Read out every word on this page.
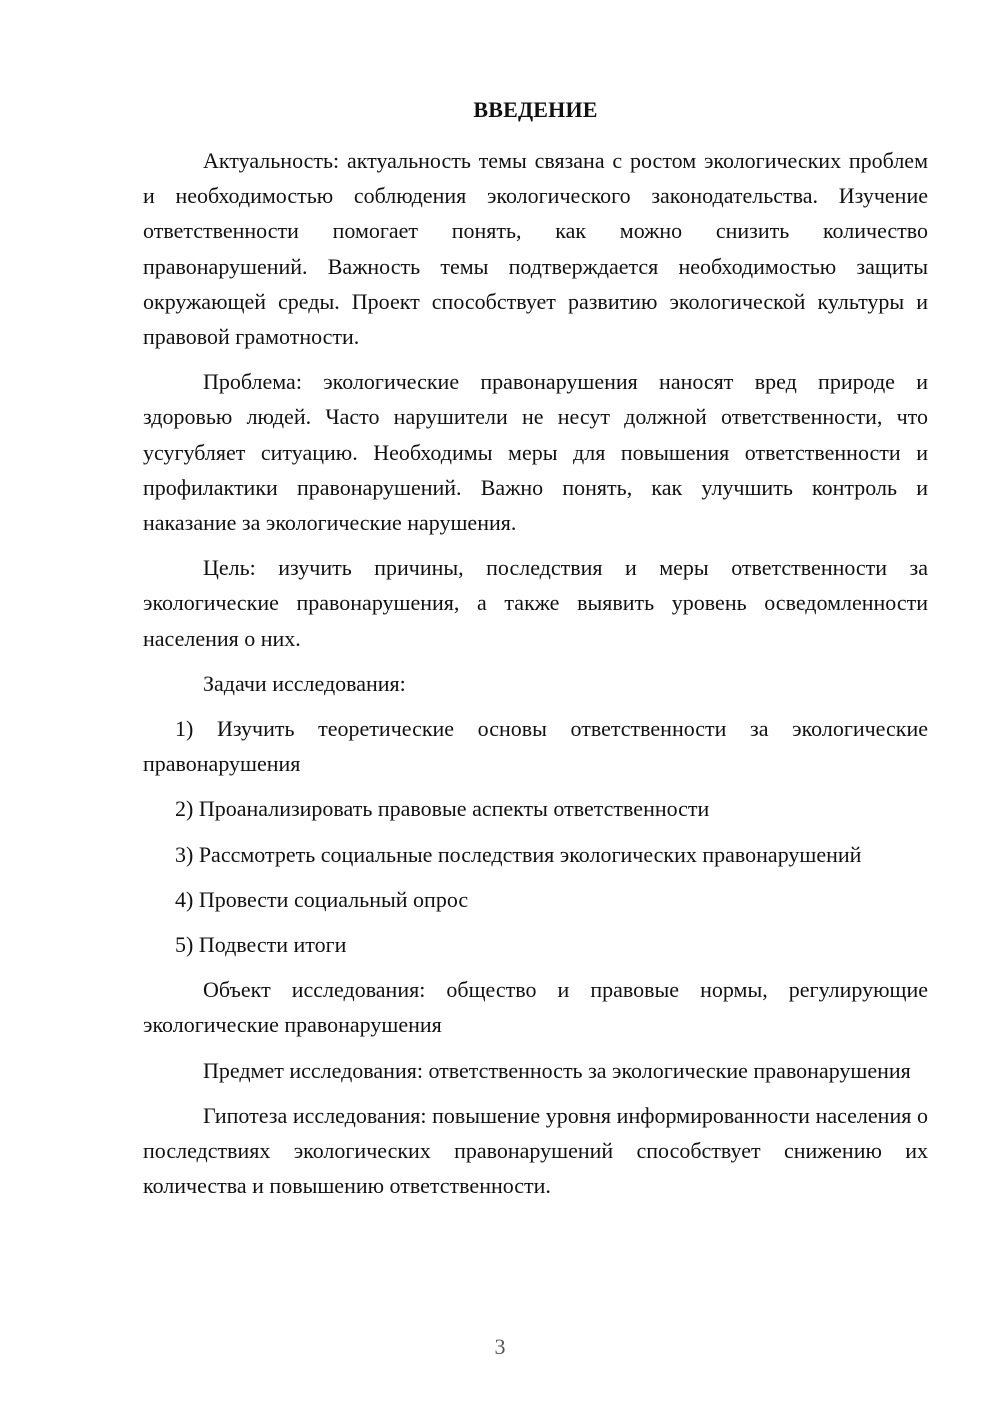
ВВЕДЕНИЕ

Актуальность: актуальность темы связана с ростом экологических проблем и необходимостью соблюдения экологического законодательства. Изучение ответственности помогает понять, как можно снизить количество правонарушений. Важность темы подтверждается необходимостью защиты окружающей среды. Проект способствует развитию экологической культуры и правовой грамотности.

Проблема: экологические правонарушения наносят вред природе и здоровью людей. Часто нарушители не несут должной ответственности, что усугубляет ситуацию. Необходимы меры для повышения ответственности и профилактики правонарушений. Важно понять, как улучшить контроль и наказание за экологические нарушения.

Цель: изучить причины, последствия и меры ответственности за экологические правонарушения, а также выявить уровень осведомленности населения о них.

Задачи исследования:

1) Изучить теоретические основы ответственности за экологические правонарушения

2) Проанализировать правовые аспекты ответственности

3) Рассмотреть социальные последствия экологических правонарушений

4) Провести социальный опрос

5) Подвести итоги

Объект исследования: общество и правовые нормы, регулирующие экологические правонарушения

Предмет исследования: ответственность за экологические правонарушения

Гипотеза исследования: повышение уровня информированности населения о последствиях экологических правонарушений способствует снижению их количества и повышению ответственности.

3
